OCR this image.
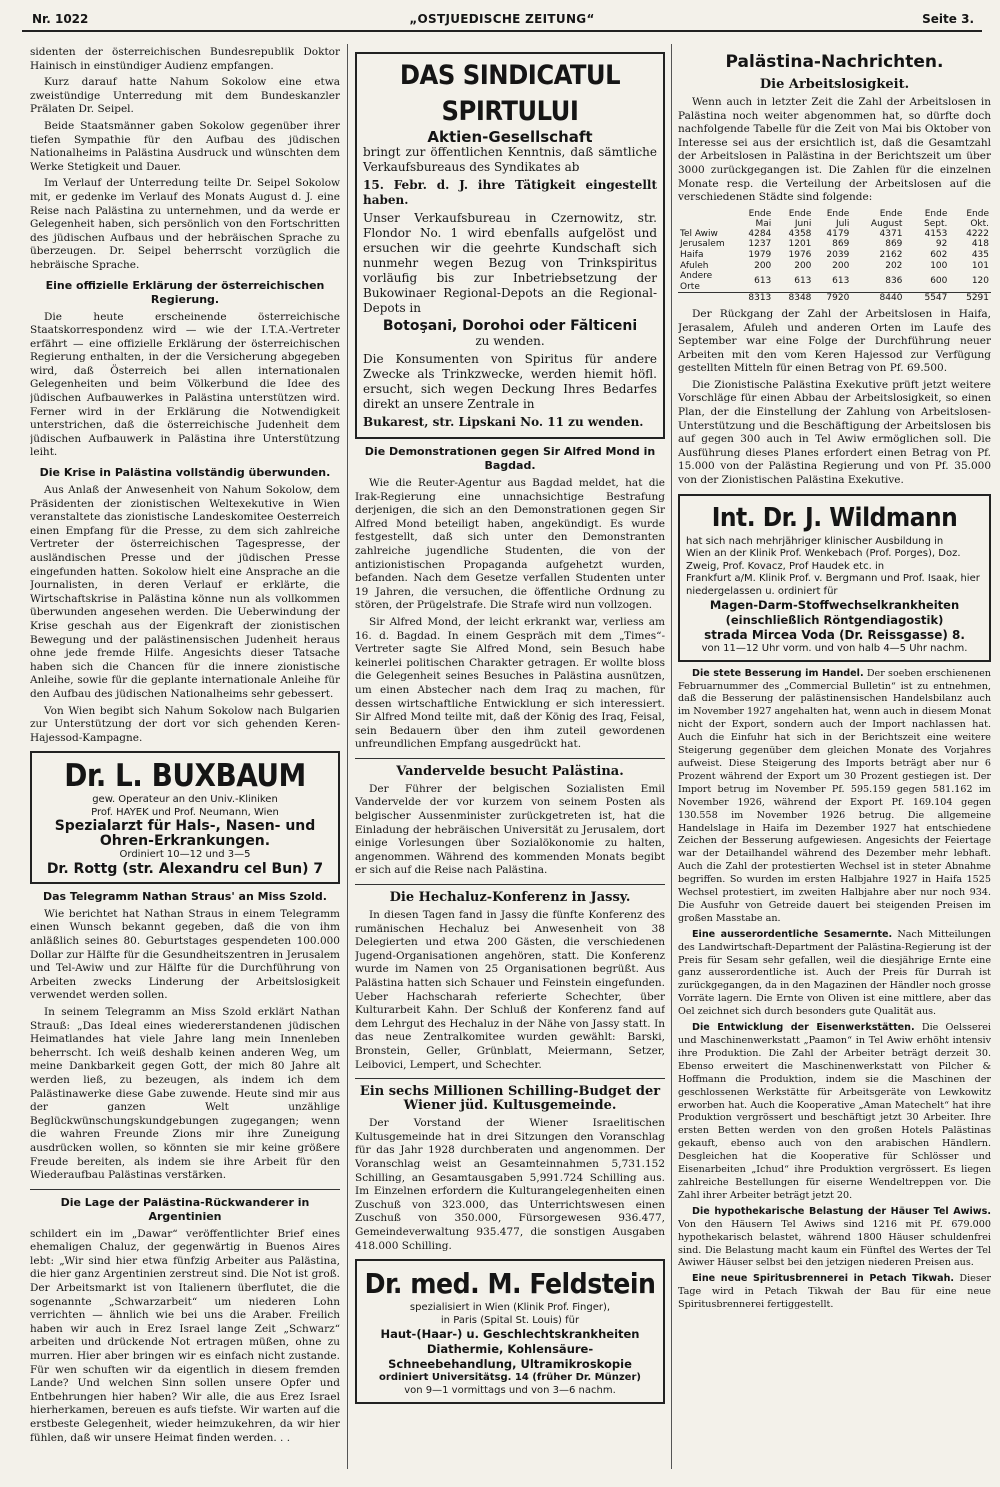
Nr. 1022	„OSTJUEDISCHE ZEITUNG“	Seite 3.

sidenten der österreichischen Bundesrepublik Doktor Hainisch in einstündiger Audienz empfangen.

Kurz darauf hatte Nahum Sokolow eine etwa zweistündige Unterredung mit dem Bundeskanzler Prälaten Dr. Seipel.

Beide Staatsmänner gaben Sokolow gegenüber ihrer tiefen Sympathie für den Aufbau des jüdischen Nationalheims in Palästina Ausdruck und wünschten dem Werke Stetigkeit und Dauer.

Im Verlauf der Unterredung teilte Dr. Seipel Sokolow mit, er gedenke im Verlauf des Monats August d. J. eine Reise nach Palästina zu unternehmen, und da werde er Gelegenheit haben, sich persönlich von den Fortschritten des jüdischen Aufbaus und der hebräischen Sprache zu überzeugen. Dr. Seipel beherrscht vorzüglich die hebräische Sprache.

Eine offizielle Erklärung der österreichischen Regierung.

Die heute erscheinende österreichische Staatskorrespondenz wird — wie der I.T.A.-Vertreter erfährt — eine offizielle Erklärung der österreichischen Regierung enthalten, in der die Versicherung abgegeben wird, daß Österreich bei allen internationalen Gelegenheiten und beim Völkerbund die Idee des jüdischen Aufbauwerkes in Palästina unterstützen wird. Ferner wird in der Erklärung die Notwendigkeit unterstrichen, daß die österreichische Judenheit dem jüdischen Aufbauwerk in Palästina ihre Unterstützung leiht.

Die Krise in Palästina vollständig überwunden.

Aus Anlaß der Anwesenheit von Nahum Sokolow, dem Präsidenten der zionistischen Weltexekutive in Wien veranstaltete das zionistische Landeskomitee Oesterreich einen Empfang für die Presse, zu dem sich zahlreiche Vertreter der österreichischen Tagespresse, der ausländischen Presse und der jüdischen Presse eingefunden hatten. Sokolow hielt eine Ansprache an die Journalisten, in deren Verlauf er erklärte, die Wirtschaftskrise in Palästina könne nun als vollkommen überwunden angesehen werden. Die Ueberwindung der Krise geschah aus der Eigenkraft der zionistischen Bewegung und der palästinensischen Judenheit heraus ohne jede fremde Hilfe. Angesichts dieser Tatsache haben sich die Chancen für die innere zionistische Anleihe, sowie für die geplante internationale Anleihe für den Aufbau des jüdischen Nationalheims sehr gebessert.

Von Wien begibt sich Nahum Sokolow nach Bulgarien zur Unterstützung der dort vor sich gehenden Keren-Hajessod-Kampagne.

Dr. L. BUXBAUM
gew. Operateur an den Univ.-Kliniken
Prof. HAYEK und Prof. Neumann, Wien
Spezialarzt für Hals-, Nasen- und Ohren-Erkrankungen.
Ordiniert 10—12 und 3—5
Dr. Rottg (str. Alexandru cel Bun) 7
Das Telegramm Nathan Straus' an Miss Szold.

Wie berichtet hat Nathan Straus in einem Telegramm einen Wunsch bekannt gegeben, daß die von ihm anläßlich seines 80. Geburtstages gespendeten 100.000 Dollar zur Hälfte für die Gesundheitszentren in Jerusalem und Tel-Awiw und zur Hälfte für die Durchführung von Arbeiten zwecks Linderung der Arbeitslosigkeit verwendet werden sollen.

In seinem Telegramm an Miss Szold erklärt Nathan Strauß: „Das Ideal eines wiedererstandenen jüdischen Heimatlandes hat viele Jahre lang mein Innenleben beherrscht. Ich weiß deshalb keinen anderen Weg, um meine Dankbarkeit gegen Gott, der mich 80 Jahre alt werden ließ, zu bezeugen, als indem ich dem Palästinawerke diese Gabe zuwende. Heute sind mir aus der ganzen Welt unzählige Beglückwünschungskundgebungen zugegangen; wenn die wahren Freunde Zions mir ihre Zuneigung ausdrücken wollen, so könnten sie mir keine größere Freude bereiten, als indem sie ihre Arbeit für den Wiederaufbau Palästinas verstärken.

Die Lage der Palästina-Rückwanderer in Argentinien

schildert ein im „Dawar“ veröffentlichter Brief eines ehemaligen Chaluz, der gegenwärtig in Buenos Aires lebt: „Wir sind hier etwa fünfzig Arbeiter aus Palästina, die hier ganz Argentinien zerstreut sind. Die Not ist groß. Der Arbeitsmarkt ist von Italienern überflutet, die die sogenannte „Schwarzarbeit“ um niederen Lohn verrichten — ähnlich wie bei uns die Araber. Freilich haben wir auch in Erez Israel lange Zeit „Schwarz“ arbeiten und drückende Not ertragen müßen, ohne zu murren. Hier aber bringen wir es einfach nicht zustande. Für wen schuften wir da eigentlich in diesem fremden Lande? Und welchen Sinn sollen unsere Opfer und Entbehrungen hier haben? Wir alle, die aus Erez Israel hierherkamen, bereuen es aufs tiefste. Wir warten auf die erstbeste Gelegenheit, wieder heimzukehren, da wir hier fühlen, daß wir unsere Heimat finden werden. . .

DAS SINDICATUL SPIRTULUI
Aktien-Gesellschaft

bringt zur öffentlichen Kenntnis, daß sämtliche Verkaufsbureaus des Syndikates ab

15. Febr. d. J. ihre Tätigkeit eingestellt haben.

Unser Verkaufsbureau in Czernowitz, str. Flondor No. 1 wird ebenfalls aufgelöst und ersuchen wir die geehrte Kundschaft sich nunmehr wegen Bezug von Trinkspiritus vorläufig bis zur Inbetriebsetzung der Bukowinaer Regional-Depots an die Regional-Depots in

Botoşani, Dorohoi oder Fălticeni

zu wenden.

Die Konsumenten von Spiritus für andere Zwecke als Trinkzwecke, werden hiemit höfl. ersucht, sich wegen Deckung Ihres Bedarfes direkt an unsere Zentrale in

Bukarest, str. Lipskani No. 11 zu wenden.

Die Demonstrationen gegen Sir Alfred Mond in Bagdad.

Wie die Reuter-Agentur aus Bagdad meldet, hat die Irak-Regierung eine unnachsichtige Bestrafung derjenigen, die sich an den Demonstrationen gegen Sir Alfred Mond beteiligt haben, angekündigt. Es wurde festgestellt, daß sich unter den Demonstranten zahlreiche jugendliche Studenten, die von der antizionistischen Propaganda aufgehetzt wurden, befanden. Nach dem Gesetze verfallen Studenten unter 19 Jahren, die versuchen, die öffentliche Ordnung zu stören, der Prügelstrafe. Die Strafe wird nun vollzogen.

Sir Alfred Mond, der leicht erkrankt war, verliess am 16. d. Bagdad. In einem Gespräch mit dem „Times“-Vertreter sagte Sie Alfred Mond, sein Besuch habe keinerlei politischen Charakter getragen. Er wollte bloss die Gelegenheit seines Besuches in Palästina ausnützen, um einen Abstecher nach dem Iraq zu machen, für dessen wirtschaftliche Entwicklung er sich interessiert. Sir Alfred Mond teilte mit, daß der König des Iraq, Feisal, sein Bedauern über den ihm zuteil gewordenen unfreundlichen Empfang ausgedrückt hat.

Vandervelde besucht Palästina.

Der Führer der belgischen Sozialisten Emil Vandervelde der vor kurzem von seinem Posten als belgischer Aussenminister zurückgetreten ist, hat die Einladung der hebräischen Universität zu Jerusalem, dort einige Vorlesungen über Sozialökonomie zu halten, angenommen. Während des kommenden Monats begibt er sich auf die Reise nach Palästina.

Die Hechaluz-Konferenz in Jassy.

In diesen Tagen fand in Jassy die fünfte Konferenz des rumänischen Hechaluz bei Anwesenheit von 38 Delegierten und etwa 200 Gästen, die verschiedenen Jugend-Organisationen angehören, statt. Die Konferenz wurde im Namen von 25 Organisationen begrüßt. Aus Palästina hatten sich Schauer und Feinstein eingefunden. Ueber Hachscharah referierte Schechter, über Kulturarbeit Kahn. Der Schluß der Konferenz fand auf dem Lehrgut des Hechaluz in der Nähe von Jassy statt. In das neue Zentralkomitee wurden gewählt: Barski, Bronstein, Geller, Grünblatt, Meiermann, Setzer, Leibovici, Lempert, und Schechter.

Ein sechs Millionen Schilling-Budget der Wiener jüd. Kultusgemeinde.

Der Vorstand der Wiener Israelitischen Kultusgemeinde hat in drei Sitzungen den Voranschlag für das Jahr 1928 durchberaten und angenommen. Der Voranschlag weist an Gesamteinnahmen 5,731.152 Schilling, an Gesamtausgaben 5,991.724 Schilling aus. Im Einzelnen erfordern die Kulturangelegenheiten einen Zuschuß von 323.000, das Unterrichtswesen einen Zuschuß von 350.000, Fürsorgewesen 936.477, Gemeindeverwaltung 935.477, die sonstigen Ausgaben 418.000 Schilling.

Dr. med. M. Feldstein
spezialisiert in Wien (Klinik Prof. Finger),
in Paris (Spital St. Louis) für
Haut-(Haar-) u. Geschlechtskrankheiten Diathermie, Kohlensäure-Schneebehandlung, Ultramikroskopie
ordiniert Universitätsg. 14 (früher Dr. Münzer)
von 9—1 vormittags und von 3—6 nachm.
Palästina-Nachrichten.
Die Arbeitslosigkeit.

Wenn auch in letzter Zeit die Zahl der Arbeitslosen in Palästina noch weiter abgenommen hat, so dürfte doch nachfolgende Tabelle für die Zeit von Mai bis Oktober von Interesse sei aus der ersichtlich ist, daß die Gesamtzahl der Arbeitslosen in Palästina in der Berichtszeit um über 3000 zurückgegangen ist. Die Zahlen für die einzelnen Monate resp. die Verteilung der Arbeitslosen auf die verschiedenen Städte sind folgende:

	Ende Mai	Ende Juni	Ende Juli	Ende August	Ende Sept.	Ende Okt.
Tel Awiw	4284	4358	4179	4371	4153	4222
Jerusalem	1237	1201	869	869	92	418
Haifa	1979	1976	2039	2162	602	435
Afuleh	200	200	200	202	100	101
Andere Orte	613	613	613	836	600	120
	8313	8348	7920	8440	5547	5291

Der Rückgang der Zahl der Arbeitslosen in Haifa, Jerasalem, Afuleh und anderen Orten im Laufe des September war eine Folge der Durchführung neuer Arbeiten mit den vom Keren Hajessod zur Verfügung gestellten Mitteln für einen Betrag von Pf. 69.500.

Die Zionistische Palästina Exekutive prüft jetzt weitere Vorschläge für einen Abbau der Arbeitslosigkeit, so einen Plan, der die Einstellung der Zahlung von Arbeitslosen-Unterstützung und die Beschäftigung der Arbeitslosen bis auf gegen 300 auch in Tel Awiw ermöglichen soll. Die Ausführung dieses Planes erfordert einen Betrag von Pf. 15.000 von der Palästina Regierung und von Pf. 35.000 von der Zionistischen Palästina Exekutive.

Int. Dr. J. Wildmann
hat sich nach mehrjähriger klinischer Ausbildung in
Wien an der Klinik Prof. Wenkebach (Prof. Porges), Doz. Zweig, Prof. Kovacz, Prof Haudek etc. in
Frankfurt a/M. Klinik Prof. v. Bergmann und Prof. Isaak, hier niedergelassen u. ordiniert für
Magen-Darm-Stoffwechselkrankheiten (einschließlich Röntgendiagostik)
strada Mircea Voda (Dr. Reissgasse) 8.
von 11—12 Uhr vorm. und von halb 4—5 Uhr nachm.

Die stete Besserung im Handel. Der soeben erschienenen Februarnummer des „Commercial Bulletin“ ist zu entnehmen, daß die Besserung der palästinensischen Handelsbilanz auch im November 1927 angehalten hat, wenn auch in diesem Monat nicht der Export, sondern auch der Import nachlassen hat. Auch die Einfuhr hat sich in der Berichtszeit eine weitere Steigerung gegenüber dem gleichen Monate des Vorjahres aufweist. Diese Steigerung des Imports beträgt aber nur 6 Prozent während der Export um 30 Prozent gestiegen ist. Der Import betrug im November Pf. 595.159 gegen 581.162 im November 1926, während der Export Pf. 169.104 gegen 130.558 im November 1926 betrug. Die allgemeine Handelslage in Haifa im Dezember 1927 hat entschiedene Zeichen der Besserung aufgewiesen. Angesichts der Feiertage war der Detailhandel während des Dezember mehr lebhaft. Auch die Zahl der protestierten Wechsel ist in steter Abnahme begriffen. So wurden im ersten Halbjahre 1927 in Haifa 1525 Wechsel protestiert, im zweiten Halbjahre aber nur noch 934. Die Ausfuhr von Getreide dauert bei steigenden Preisen im großen Masstabe an.

Eine ausserordentliche Sesamernte. Nach Mitteilungen des Landwirtschaft-Department der Palästina-Regierung ist der Preis für Sesam sehr gefallen, weil die diesjährige Ernte eine ganz ausserordentliche ist. Auch der Preis für Durrah ist zurückgegangen, da in den Magazinen der Händler noch grosse Vorräte lagern. Die Ernte von Oliven ist eine mittlere, aber das Oel zeichnet sich durch besonders gute Qualität aus.

Die Entwicklung der Eisenwerkstätten. Die Oelsserei und Maschinenwerkstatt „Paamon“ in Tel Awiw erhöht intensiv ihre Produktion. Die Zahl der Arbeiter beträgt derzeit 30. Ebenso erweitert die Maschinenwerkstatt von Pilcher & Hoffmann die Produktion, indem sie die Maschinen der geschlossenen Werkstätte für Arbeitsgeräte von Lewkowitz erworben hat. Auch die Kooperative „Aman Matechelt“ hat ihre Produktion vergrössert und beschäftigt jetzt 30 Arbeiter. Ihre ersten Betten werden von den großen Hotels Palästinas gekauft, ebenso auch von den arabischen Händlern. Desgleichen hat die Kooperative für Schlösser und Eisenarbeiten „Ichud“ ihre Produktion vergrössert. Es liegen zahlreiche Bestellungen für eiserne Wendeltreppen vor. Die Zahl ihrer Arbeiter beträgt jetzt 20.

Die hypothekarische Belastung der Häuser Tel Awiws. Von den Häusern Tel Awiws sind 1216 mit Pf. 679.000 hypothekarisch belastet, während 1800 Häuser schuldenfrei sind. Die Belastung macht kaum ein Fünftel des Wertes der Tel Awiwer Häuser selbst bei den jetzigen niederen Preisen aus.

Eine neue Spiritusbrennerei in Petach Tikwah. Dieser Tage wird in Petach Tikwah der Bau für eine neue Spiritusbrennerei fertiggestellt.
